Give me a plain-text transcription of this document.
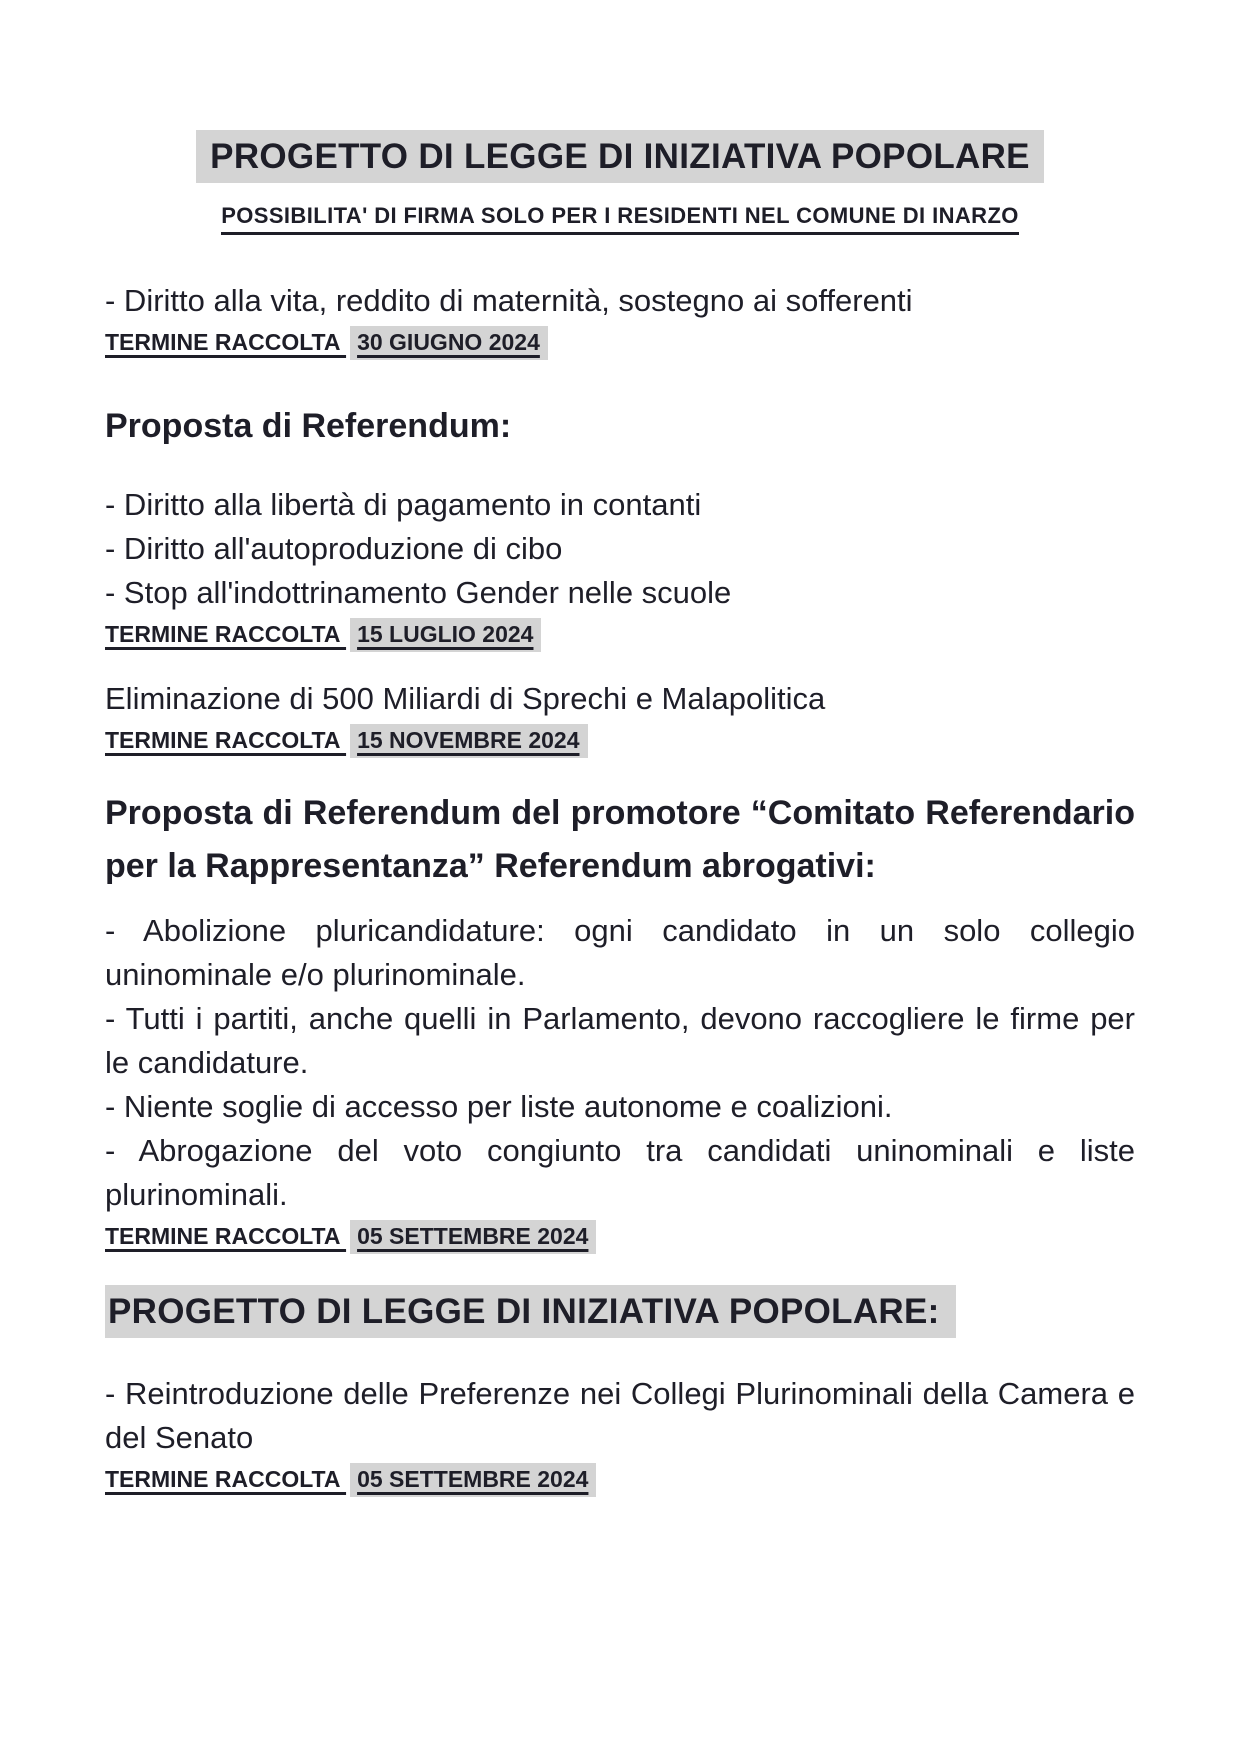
PROGETTO DI LEGGE DI INIZIATIVA POPOLARE
POSSIBILITA' DI FIRMA SOLO PER I RESIDENTI NEL COMUNE DI INARZO

- Diritto alla vita, reddito di maternità, sostegno ai sofferenti

TERMINE RACCOLTA 30 GIUGNO 2024

Proposta di Referendum:

- Diritto alla libertà di pagamento in contanti

- Diritto all'autoproduzione di cibo

- Stop all'indottrinamento Gender nelle scuole

TERMINE RACCOLTA 15 LUGLIO 2024

Eliminazione di 500 Miliardi di Sprechi e Malapolitica

TERMINE RACCOLTA 15 NOVEMBRE 2024

Proposta di Referendum del promotore “Comitato Referendario per la Rappresentanza” Referendum abrogativi:

- Abolizione pluricandidature: ogni candidato in un solo collegio uninominale e/o plurinominale.

- Tutti i partiti, anche quelli in Parlamento, devono raccogliere le firme per le candidature.

- Niente soglie di accesso per liste autonome e coalizioni.

- Abrogazione del voto congiunto tra candidati uninominali e liste plurinominali.

TERMINE RACCOLTA 05 SETTEMBRE 2024

PROGETTO DI LEGGE DI INIZIATIVA POPOLARE:

- Reintroduzione delle Preferenze nei Collegi Plurinominali della Camera e del Senato

TERMINE RACCOLTA 05 SETTEMBRE 2024
